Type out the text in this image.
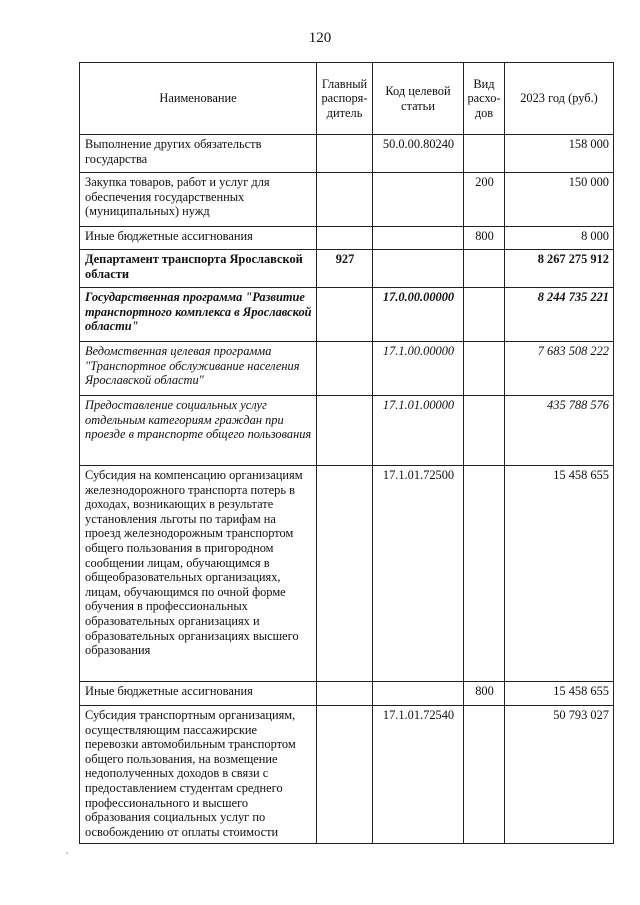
120
Наименование	Главный распоря-дитель	Код целевой статьи	Вид расхо-дов	2023 год (руб.)
Выполнение других обязательств государства		50.0.00.80240		158 000
Закупка товаров, работ и услуг для обеспечения государственных (муниципальных) нужд			200	150 000
Иные бюджетные ассигнования			800	8 000
Департамент транспорта Ярославской области	927			8 267 275 912
Государственная программа "Развитие транспортного комплекса в Ярославской области"		17.0.00.00000		8 244 735 221
Ведомственная целевая программа "Транспортное обслуживание населения Ярославской области"		17.1.00.00000		7 683 508 222
Предоставление социальных услуг отдельным категориям граждан при проезде в транспорте общего пользования		17.1.01.00000		435 788 576
Субсидия на компенсацию организациям железнодорожного транспорта потерь в доходах, возникающих в результате установления льготы по тарифам на проезд железнодорожным транспортом общего пользования в пригородном сообщении лицам, обучающимся в общеобразовательных организациях, лицам, обучающимся по очной форме обучения в профессиональных образовательных организациях и образовательных организациях высшего образования		17.1.01.72500		15 458 655
Иные бюджетные ассигнования			800	15 458 655
Субсидия транспортным организациям, осуществляющим пассажирские перевозки автомобильным транспортом общего пользования, на возмещение недополученных доходов в связи с предоставлением студентам среднего профессионального и высшего образования социальных услуг по освобождению от оплаты стоимости		17.1.01.72540		50 793 027
